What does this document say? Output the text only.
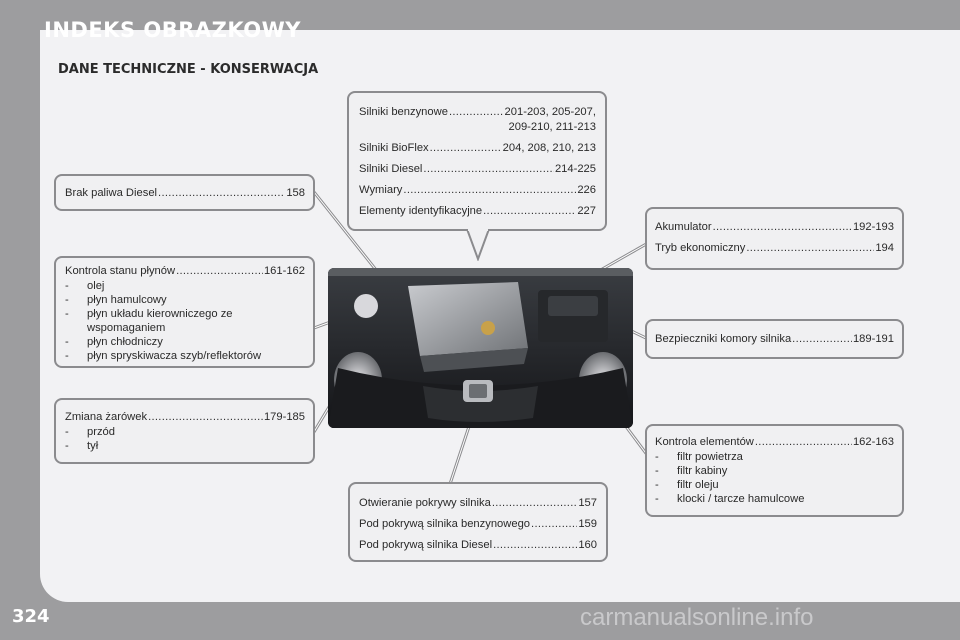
INDEKS OBRAZKOWY
DANE TECHNICZNE - KONSERWACJA
Silniki benzynowe .....	201-203, 205-207,
209-210, 211-213
Silniki BioFlex .....	204, 208, 210, 213
Silniki Diesel .....	214-225
Wymiary .....	226
Elementy identyfikacyjne .....	227
Brak paliwa Diesel .....	158
Kontrola stanu płynów .....	161-162
-	olej
-	płyn hamulcowy
-	płyn układu kierowniczego ze
wspomaganiem
-	płyn chłodniczy
-	płyn spryskiwacza szyb/reflektorów
Zmiana żarówek .....	179-185
-	przód
-	tył
Akumulator .....	192-193
Tryb ekonomiczny .....	194
Bezpieczniki komory silnika .....	189-191
Kontrola elementów .....	162-163
-	filtr powietrza
-	filtr kabiny
-	filtr oleju
-	klocki / tarcze hamulcowe
Otwieranie pokrywy silnika .....	157
Pod pokrywą silnika benzynowego .....	159
Pod pokrywą silnika Diesel .....	160

324	carmanualsonline.info
